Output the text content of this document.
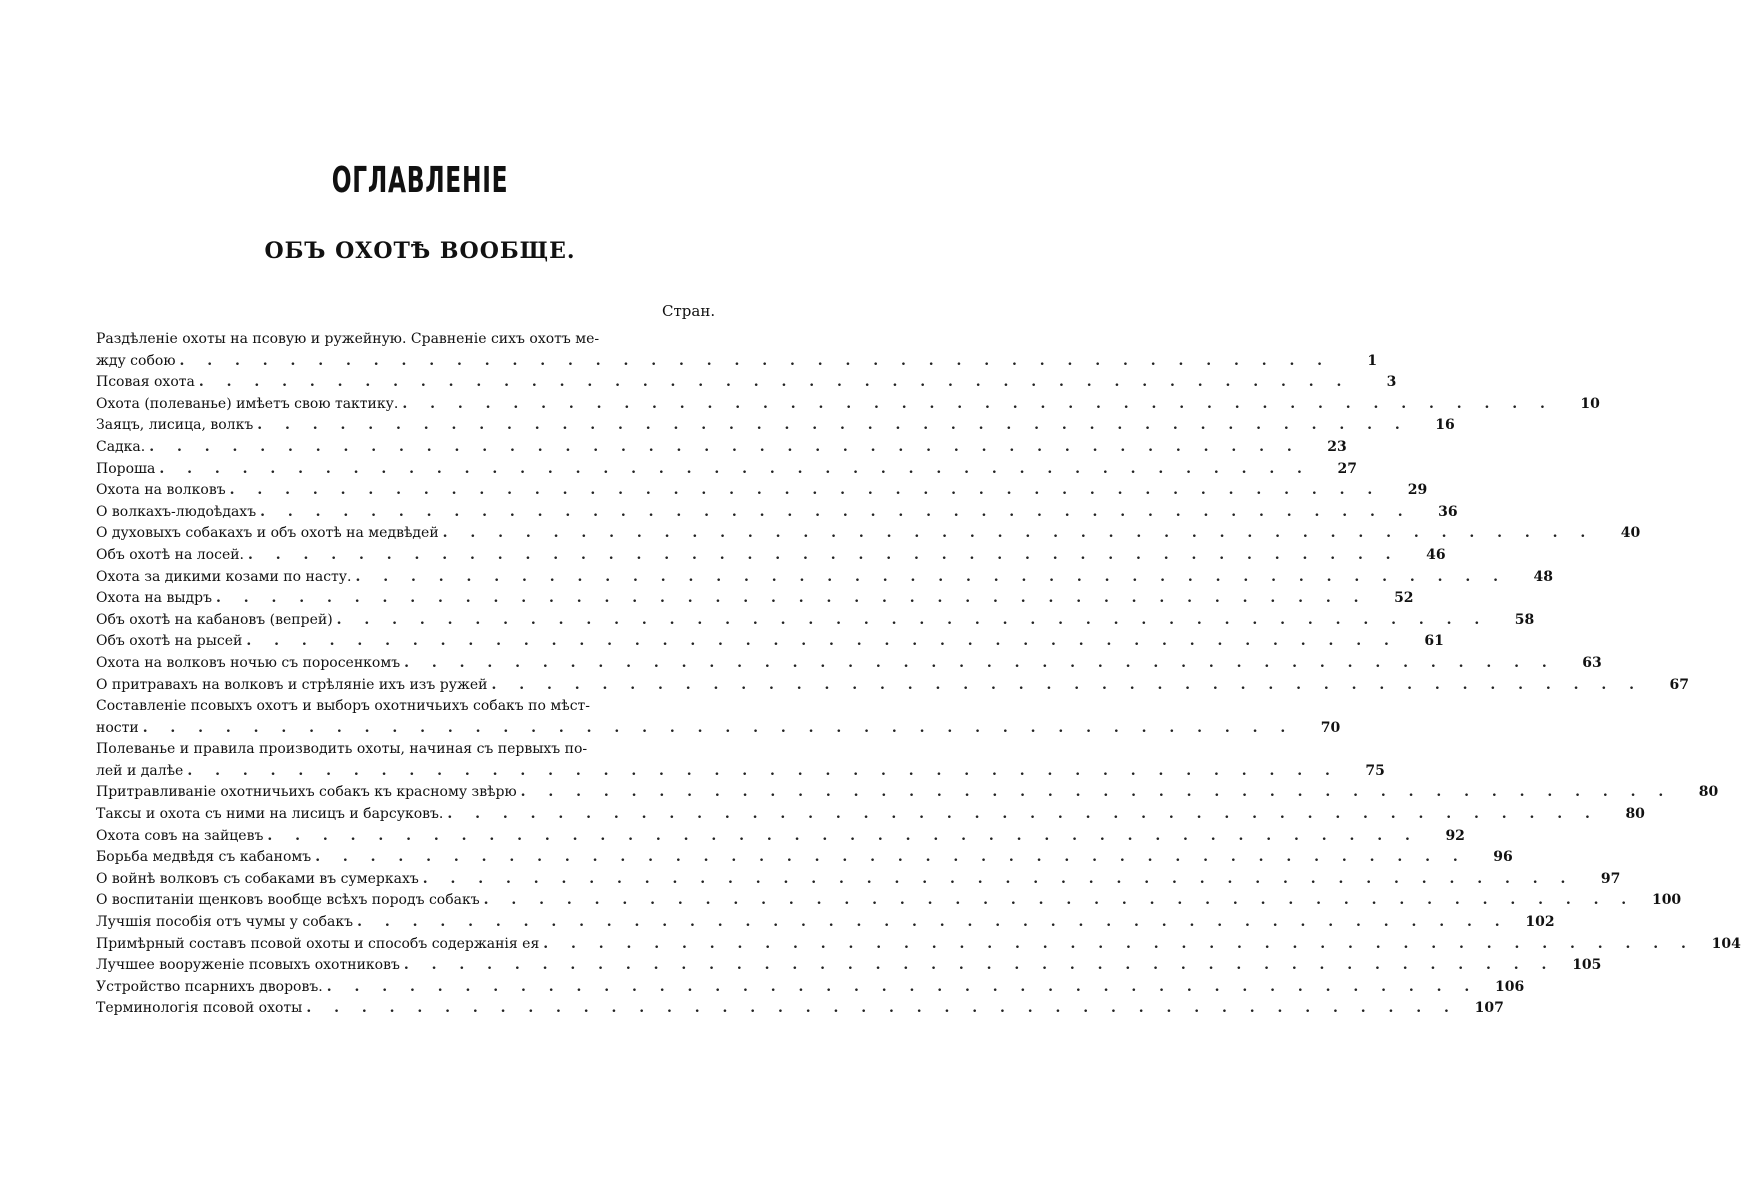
ОГЛАВЛЕНІЕ
ОБЪ ОХОТѢ ВООБЩЕ.
Стран.
Раздѣленіе охоты на псовую и ружейную. Сравненіе сихъ охотъ ме-
жду собою . . . . . . . . . . . . . . . . . . . . . . . . . . . . . . . . . . . . . . . . . .	1
Псовая охота . . . . . . . . . . . . . . . . . . . . . . . . . . . . . . . . . . . . . . . . . .	3
Охота (полеванье) имѣетъ свою тактику. . . . . . . . . . . . . . . . . . . . . . . . . . . . . . . . . . . . . . . . . . .	10
Заяцъ, лисица, волкъ . . . . . . . . . . . . . . . . . . . . . . . . . . . . . . . . . . . . . . . . . .	16
Садка. . . . . . . . . . . . . . . . . . . . . . . . . . . . . . . . . . . . . . . . . . .	23
Пороша . . . . . . . . . . . . . . . . . . . . . . . . . . . . . . . . . . . . . . . . . .	27
Охота на волковъ . . . . . . . . . . . . . . . . . . . . . . . . . . . . . . . . . . . . . . . . . .	29
О волкахъ-людоѣдахъ . . . . . . . . . . . . . . . . . . . . . . . . . . . . . . . . . . . . . . . . . .	36
О духовыхъ собакахъ и объ охотѣ на медвѣдей . . . . . . . . . . . . . . . . . . . . . . . . . . . . . . . . . . . . . . . . . .	40
Объ охотѣ на лосей. . . . . . . . . . . . . . . . . . . . . . . . . . . . . . . . . . . . . . . . . . .	46
Охота за дикими козами по насту. . . . . . . . . . . . . . . . . . . . . . . . . . . . . . . . . . . . . . . . . . .	48
Охота на выдръ . . . . . . . . . . . . . . . . . . . . . . . . . . . . . . . . . . . . . . . . . .	52
Объ охотѣ на кабановъ (вепрей) . . . . . . . . . . . . . . . . . . . . . . . . . . . . . . . . . . . . . . . . . .	58
Объ охотѣ на рысей . . . . . . . . . . . . . . . . . . . . . . . . . . . . . . . . . . . . . . . . . .	61
Охота на волковъ ночью съ поросенкомъ . . . . . . . . . . . . . . . . . . . . . . . . . . . . . . . . . . . . . . . . . .	63
О притравахъ на волковъ и стрѣляніе ихъ изъ ружей . . . . . . . . . . . . . . . . . . . . . . . . . . . . . . . . . . . . . . . . . .	67
Составленіе псовыхъ охотъ и выборъ охотничьихъ собакъ по мѣст-
ности . . . . . . . . . . . . . . . . . . . . . . . . . . . . . . . . . . . . . . . . . .	70
Полеванье и правила производить охоты, начиная съ первыхъ по-
лей и далѣе . . . . . . . . . . . . . . . . . . . . . . . . . . . . . . . . . . . . . . . . . .	75
Притравливаніе охотничьихъ собакъ къ красному звѣрю . . . . . . . . . . . . . . . . . . . . . . . . . . . . . . . . . . . . . . . . . .	80
Таксы и охота съ ними на лисицъ и барсуковъ. . . . . . . . . . . . . . . . . . . . . . . . . . . . . . . . . . . . . . . . . . .	80
Охота совъ на зайцевъ . . . . . . . . . . . . . . . . . . . . . . . . . . . . . . . . . . . . . . . . . .	92
Борьба медвѣдя съ кабаномъ . . . . . . . . . . . . . . . . . . . . . . . . . . . . . . . . . . . . . . . . . .	96
О войнѣ волковъ съ собаками въ сумеркахъ . . . . . . . . . . . . . . . . . . . . . . . . . . . . . . . . . . . . . . . . . .	97
О воспитаніи щенковъ вообще всѣхъ породъ собакъ . . . . . . . . . . . . . . . . . . . . . . . . . . . . . . . . . . . . . . . . . .	100
Лучшія пособія отъ чумы у собакъ . . . . . . . . . . . . . . . . . . . . . . . . . . . . . . . . . . . . . . . . . .	102
Примѣрный составъ псовой охоты и способъ содержанія ея . . . . . . . . . . . . . . . . . . . . . . . . . . . . . . . . . . . . . . . . . .	104
Лучшее вооруженіе псовыхъ охотниковъ . . . . . . . . . . . . . . . . . . . . . . . . . . . . . . . . . . . . . . . . . .	105
Устройство псарнихъ дворовъ. . . . . . . . . . . . . . . . . . . . . . . . . . . . . . . . . . . . . . . . . . .	106
Терминологія псовой охоты . . . . . . . . . . . . . . . . . . . . . . . . . . . . . . . . . . . . . . . . . .	107
